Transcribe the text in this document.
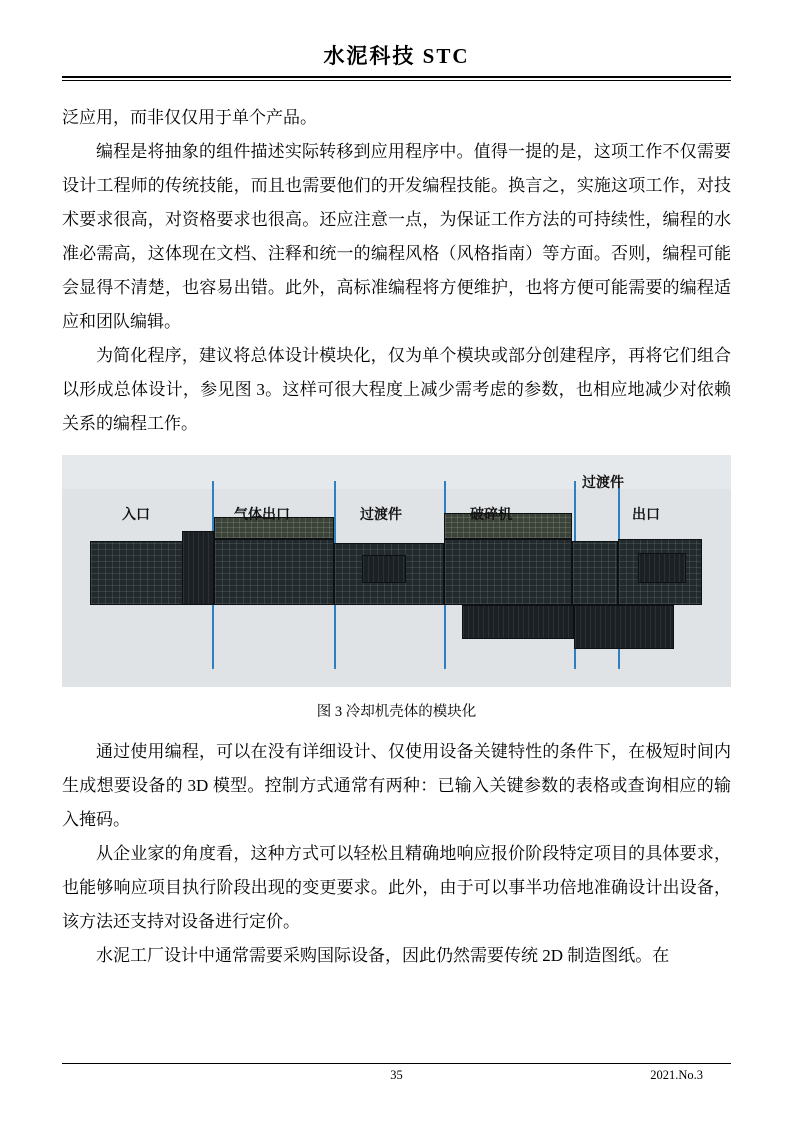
水泥科技 STC

泛应用，而非仅仅用于单个产品。

编程是将抽象的组件描述实际转移到应用程序中。值得一提的是，这项工作不仅需要设计工程师的传统技能，而且也需要他们的开发编程技能。换言之，实施这项工作，对技术要求很高，对资格要求也很高。还应注意一点，为保证工作方法的可持续性，编程的水准必需高，这体现在文档、注释和统一的编程风格（风格指南）等方面。否则，编程可能会显得不清楚，也容易出错。此外，高标准编程将方便维护，也将方便可能需要的编程适应和团队编辑。

为简化程序，建议将总体设计模块化，仅为单个模块或部分创建程序，再将它们组合以形成总体设计，参见图 3。这样可很大程度上减少需考虑的参数，也相应地减少对依赖关系的编程工作。

入口	气体出口	过渡件	破碎机
过渡件
出口
图 3 冷却机壳体的模块化

通过使用编程，可以在没有详细设计、仅使用设备关键特性的条件下，在极短时间内生成想要设备的 3D 模型。控制方式通常有两种：已输入关键参数的表格或查询相应的输入掩码。

从企业家的角度看，这种方式可以轻松且精确地响应报价阶段特定项目的具体要求，也能够响应项目执行阶段出现的变更要求。此外，由于可以事半功倍地准确设计出设备，该方法还支持对设备进行定价。

水泥工厂设计中通常需要采购国际设备，因此仍然需要传统 2D 制造图纸。在

35	2021.No.3
